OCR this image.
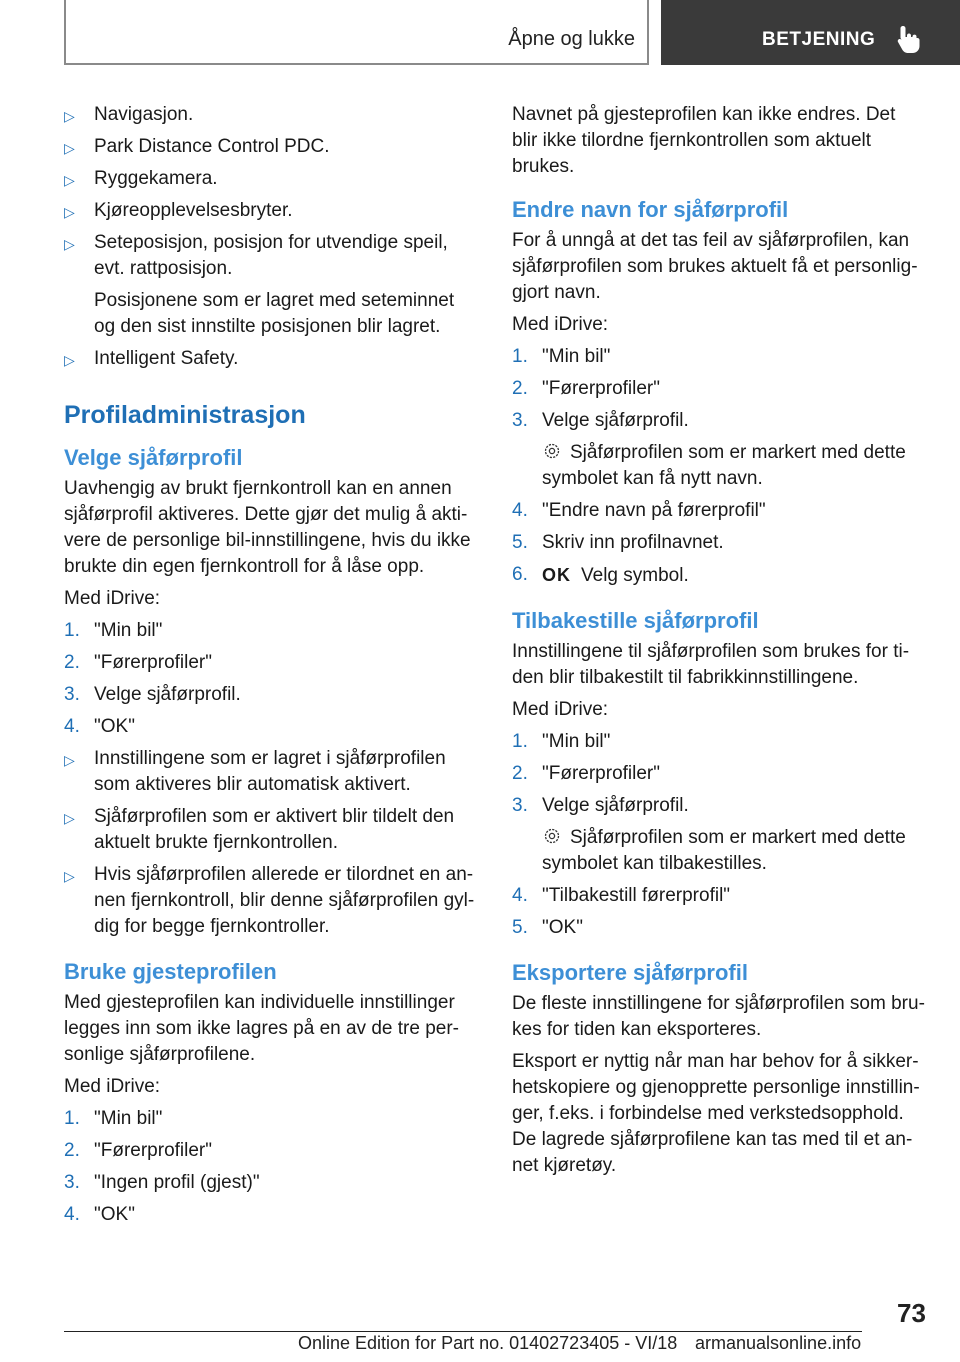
Åpne og lukke	BETJENING
▷ Navigasjon.
▷ Park Distance Control PDC.
▷ Ryggekamera.
▷ Kjøreopplevelsesbryter.
▷ Seteposisjon, posisjon for utvendige speil, evt. rattposisjon.
Posisjonene som er lagret med seteminnet og den sist innstilte posisjonen blir lagret.
▷ Intelligent Safety.
Profiladministrasjon
Velge sjåførprofil

Uavhengig av brukt fjernkontroll kan en annen sjåførprofil aktiveres. Dette gjør det mulig å aktivere de personlige bil-innstillingene, hvis du ikke brukte din egen fjernkontroll for å låse opp.

Med iDrive:

1. "Min bil"
2. "Førerprofiler"
3. Velge sjåførprofil.
4. "OK"
▷ Innstillingene som er lagret i sjåførprofilen som aktiveres blir automatisk aktivert.
▷ Sjåførprofilen som er aktivert blir tildelt den aktuelt brukte fjernkontrollen.
▷ Hvis sjåførprofilen allerede er tilordnet en annen fjernkontroll, blir denne sjåførprofilen gyldig for begge fjernkontroller.
Bruke gjesteprofilen

Med gjesteprofilen kan individuelle innstillinger legges inn som ikke lagres på en av de tre personlige sjåførprofilene.

Med iDrive:

1. "Min bil"
2. "Førerprofiler"
3. "Ingen profil (gjest)"
4. "OK"

Navnet på gjesteprofilen kan ikke endres. Det blir ikke tilordne fjernkontrollen som aktuelt brukes.

Endre navn for sjåførprofil

For å unngå at det tas feil av sjåførprofilen, kan sjåførprofilen som brukes aktuelt få et personliggjort navn.

Med iDrive:

1. "Min bil"
2. "Førerprofiler"
3. Velge sjåførprofil.
Sjåførprofilen som er markert med dette symbolet kan få nytt navn.
4. "Endre navn på førerprofil"
5. Skriv inn profilnavnet.
6. OK Velg symbol.
Tilbakestille sjåførprofil

Innstillingene til sjåførprofilen som brukes for tiden blir tilbakestilt til fabrikkinnstillingene.

Med iDrive:

1. "Min bil"
2. "Førerprofiler"
3. Velge sjåførprofil.
Sjåførprofilen som er markert med dette symbolet kan tilbakestilles.
4. "Tilbakestill førerprofil"
5. "OK"
Eksportere sjåførprofil

De fleste innstillingene for sjåførprofilen som brukes for tiden kan eksporteres.

Eksport er nyttig når man har behov for å sikkerhetskopiere og gjenopprette personlige innstillinger, f.eks. i forbindelse med verkstedsopphold. De lagrede sjåførprofilene kan tas med til et annet kjøretøy.

73
Online Edition for Part no. 01402723405 - VI/18 armanualsonline.info
